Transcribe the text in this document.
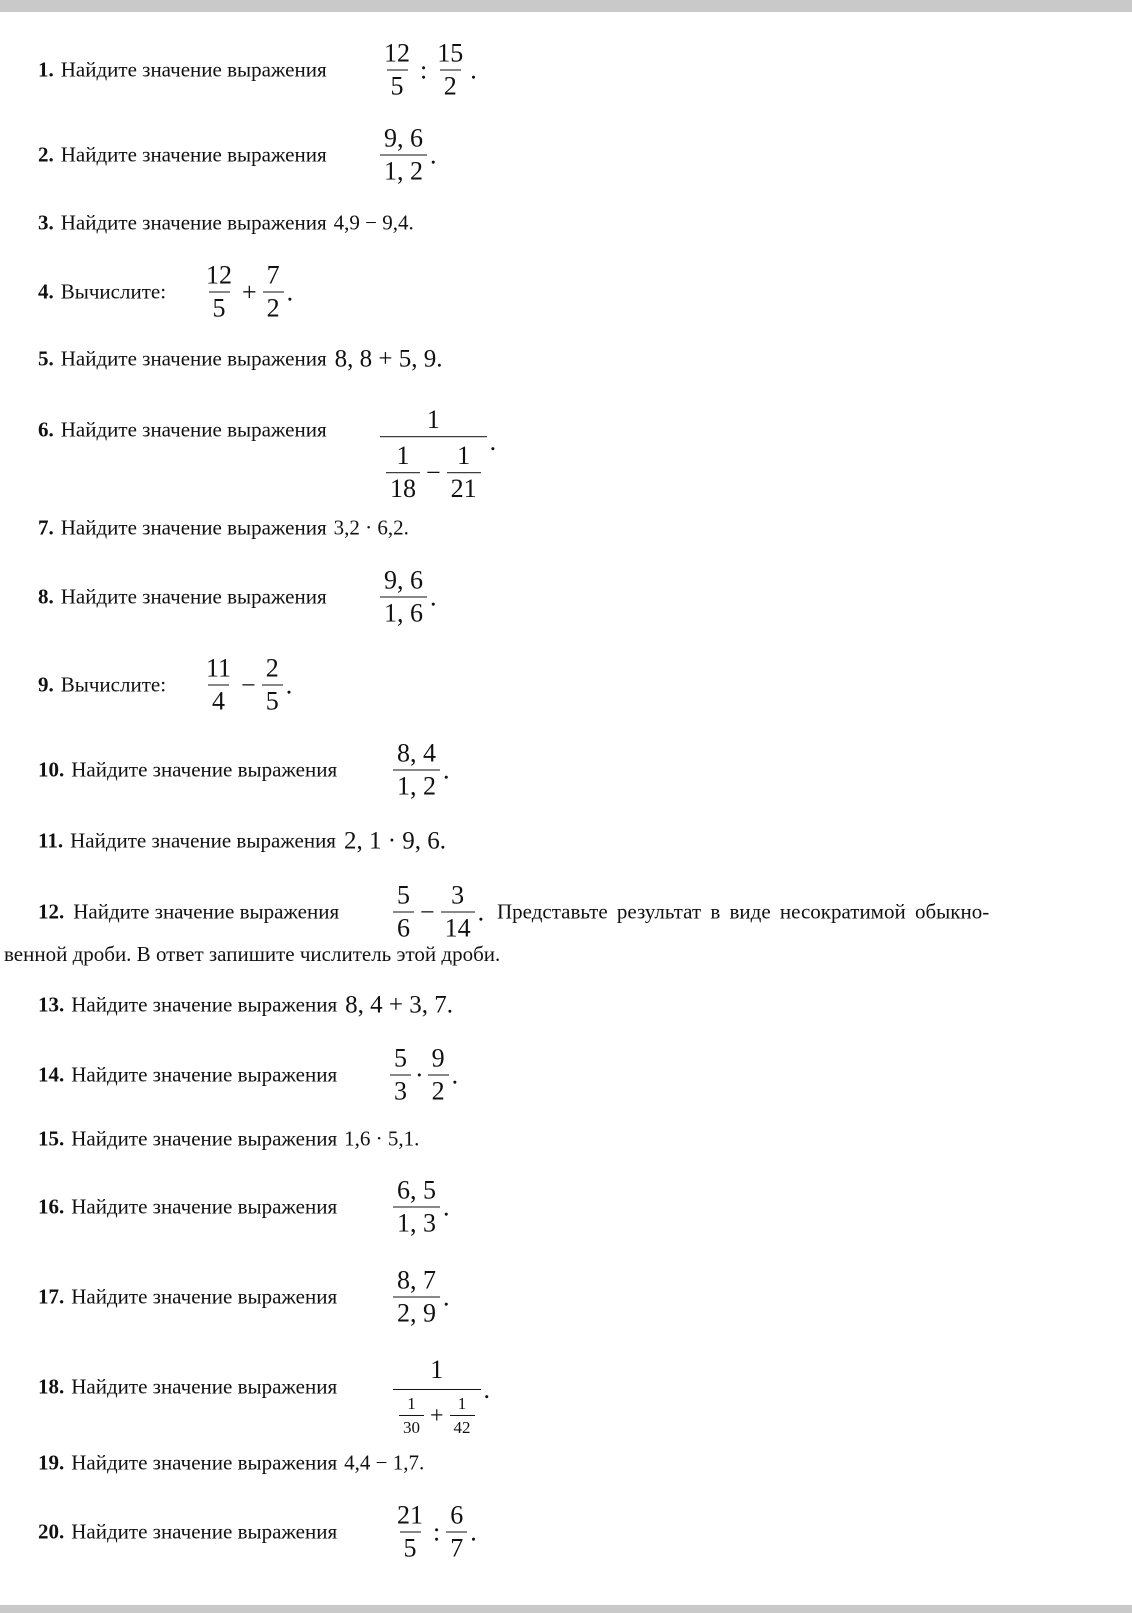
1. Найдите значение выражения $\frac{12}{5}$ : $\frac{15}{2}$ .
2. Найдите значение выражения $\frac{9, 6}{1, 2}$ .
3. Найдите значение выражения 4,9 − 9,4.
4. Вычислите: $\frac{12}{5} + \frac{7}{2}$ .
5. Найдите значение выражения 8, 8 + 5, 9.
6. Найдите значение выражения $\frac{1}{\frac{1}{18} - \frac{1}{21}}$ .
7. Найдите значение выражения 3,2 · 6,2.
8. Найдите значение выражения $\frac{9, 6}{1, 6}$ .
9. Вычислите: $\frac{11}{4} - \frac{2}{5}$ .
10. Найдите значение выражения $\frac{8, 4}{1, 2}$ .
11. Найдите значение выражения 2, 1 · 9, 6.
12. Найдите значение выражения $\frac{5}{6} - \frac{3}{14}$ . Представьте результат в виде несократимой обыкно-
венной дроби. В ответ запишите числитель этой дроби.
13. Найдите значение выражения 8, 4 + 3, 7.
14. Найдите значение выражения $\frac{5}{3} \cdot \frac{9}{2}$ .
15. Найдите значение выражения 1,6 · 5,1.
16. Найдите значение выражения $\frac{6, 5}{1, 3}$ .
17. Найдите значение выражения $\frac{8, 7}{2, 9}$ .
18. Найдите значение выражения $\frac{1}{\frac{1}{30} + \frac{1}{42}}$ .
19. Найдите значение выражения 4,4 − 1,7.
20. Найдите значение выражения $\frac{21}{5}$ : $\frac{6}{7}$ .
